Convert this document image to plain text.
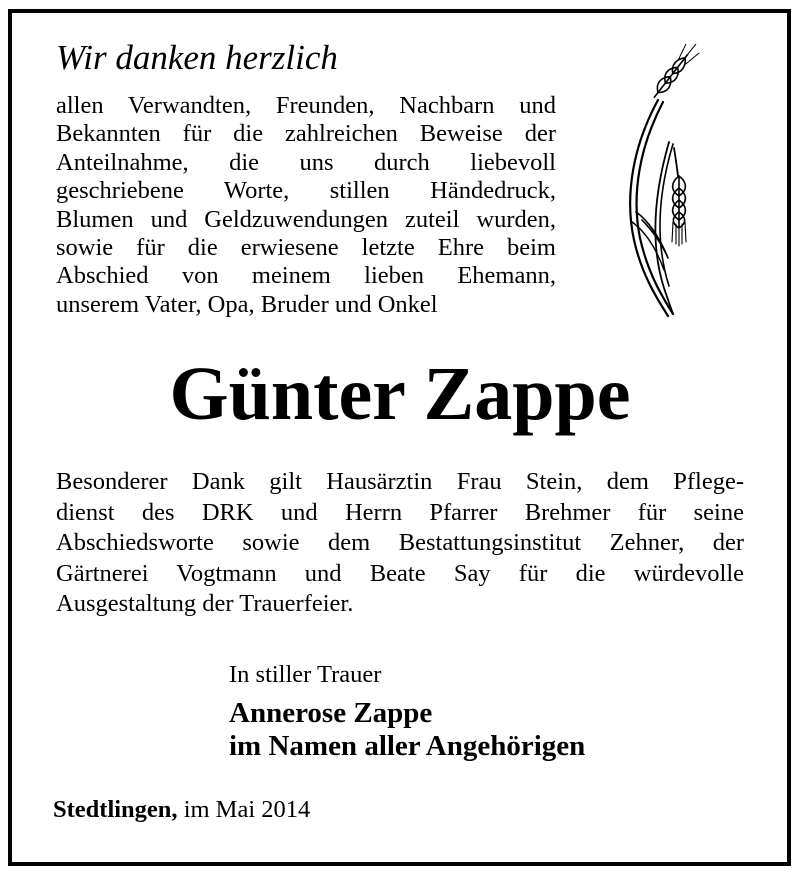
Wir danken herzlich
allen Verwandten, Freunden, Nachbarn und
Bekannten für die zahlreichen Beweise der
Anteilnahme, die uns durch liebevoll
geschriebene Worte, stillen Händedruck,
Blumen und Geldzuwendungen zuteil wurden,
sowie für die erwiesene letzte Ehre beim
Abschied von meinem lieben Ehemann,
unserem Vater, Opa, Bruder und Onkel
Günter Zappe
Besonderer Dank gilt Hausärztin Frau Stein, dem Pflege-
dienst des DRK und Herrn Pfarrer Brehmer für seine
Abschiedsworte sowie dem Bestattungsinstitut Zehner, der
Gärtnerei Vogtmann und Beate Say für die würdevolle
Ausgestaltung der Trauerfeier.
In stiller Trauer
Annerose Zappe
im Namen aller Angehörigen
Stedtlingen, im Mai 2014
